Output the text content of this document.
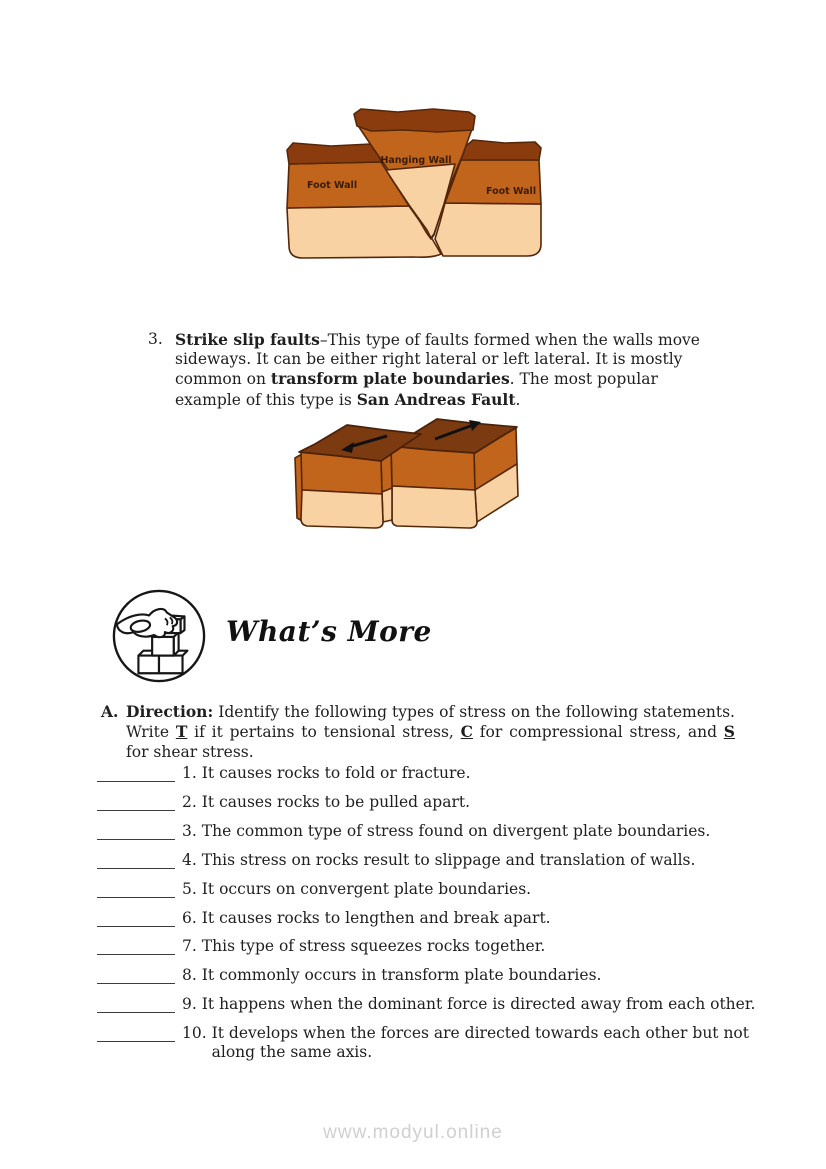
Hanging Wall
Foot Wall
Foot Wall
3. Strike slip faults–This type of faults formed when the walls move sideways. It can be either right lateral or left lateral. It is mostly common on transform plate boundaries. The most popular example of this type is San Andreas Fault.
What’s More
A. Direction: Identify the following types of stress on the following statements. Write T if it pertains to tensional stress, C for compressional stress, and S for shear stress.
1. It causes rocks to fold or fracture.
2. It causes rocks to be pulled apart.
3. The common type of stress found on divergent plate boundaries.
4. This stress on rocks result to slippage and translation of walls.
5. It occurs on convergent plate boundaries.
6. It causes rocks to lengthen and break apart.
7. This type of stress squeezes rocks together.
8. It commonly occurs in transform plate boundaries.
9. It happens when the dominant force is directed away from each other.
10. It develops when the forces are directed towards each other but not along the same axis.
www.modyul.online
